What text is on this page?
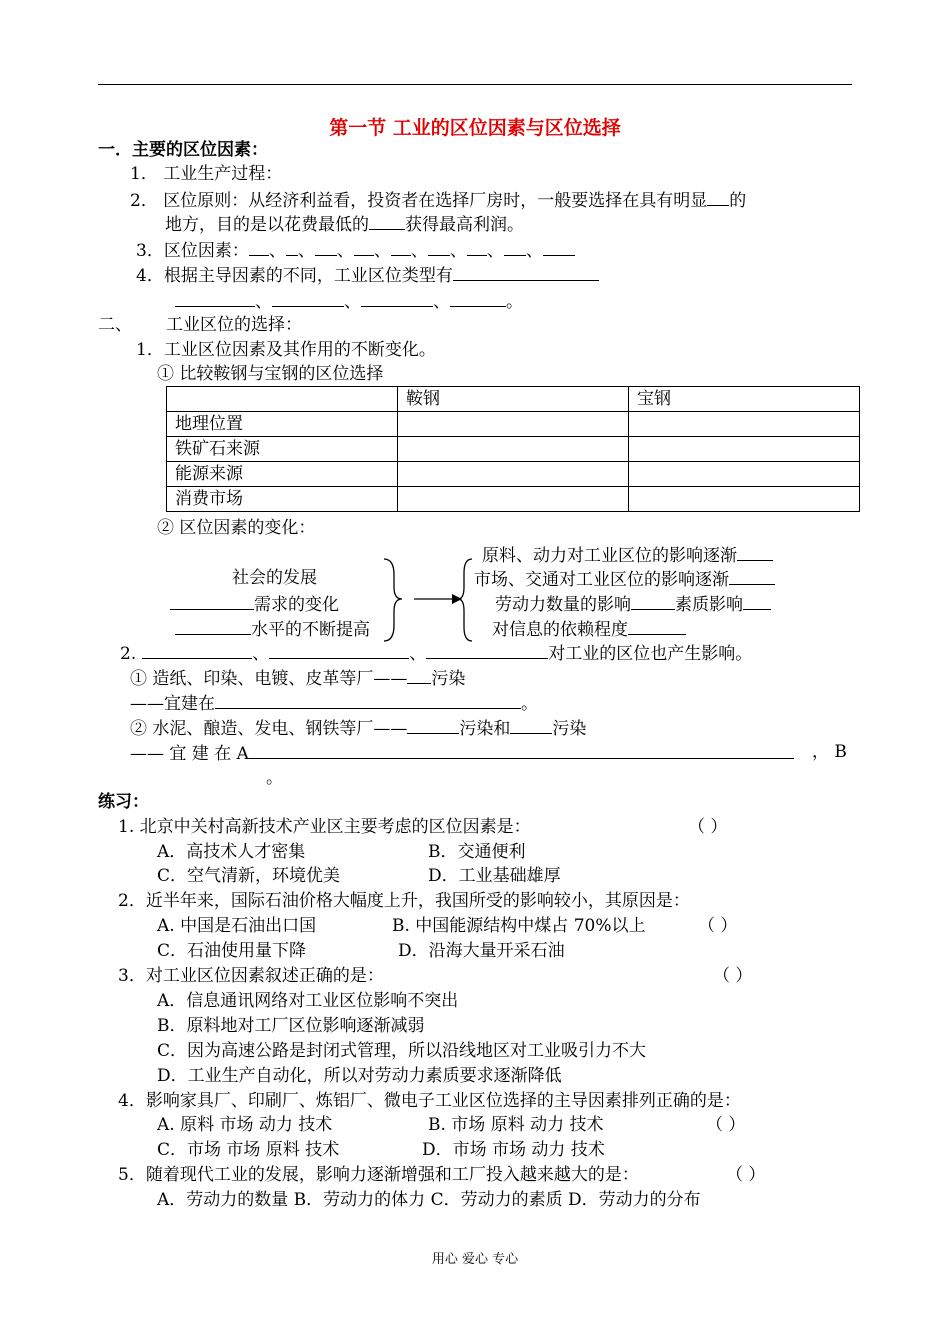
第一节 工业的区位因素与区位选择
一．主要的区位因素：
1． 工业生产过程：
2． 区位原则：从经济利益看，投资者在选择厂房时，一般要选择在具有明显 的
地方，目的是以花费最低的 获得最高利润。
3．区位因素： 、 、 、 、 、 、 、 、
4．根据主导因素的不同，工业区位类型有
、	、	、	。
二、 工业区位的选择：
1．工业区位因素及其作用的不断变化。
① 比较鞍钢与宝钢的区位选择
	鞍钢	宝钢
地理位置		
铁矿石来源		
能源来源		
消费市场		
② 区位因素的变化：
社会的发展
需求的变化
水平的不断提高
原料、动力对工业区位的影响逐渐
市场、交通对工业区位的影响逐渐
劳动力数量的影响	素质影响
对信息的依赖程度
2.	、	、	对工业的区位也产生影响。
① 造纸、印染、电镀、皮革等厂—— 污染
——宜建在	。
② 水泥、酿造、发电、钢铁等厂——	污染和 污染
—— 宜 建 在 A	， B
。
练习：
1. 北京中关村高新技术产业区主要考虑的区位因素是：	（ ）
A．高技术人才密集	B．交通便利
C．空气清新，环境优美	D．工业基础雄厚
2．近半年来，国际石油价格大幅度上升，我国所受的影响较小，其原因是：
A. 中国是石油出口国	B. 中国能源结构中煤占 70%以上	（ ）
C．石油使用量下降	D．沿海大量开采石油
3．对工业区位因素叙述正确的是：	（ ）
A．信息通讯网络对工业区位影响不突出
B．原料地对工厂区位影响逐渐减弱
C．因为高速公路是封闭式管理，所以沿线地区对工业吸引力不大
D．工业生产自动化，所以对劳动力素质要求逐渐降低
4．影响家具厂、印刷厂、炼铝厂、微电子工业区位选择的主导因素排列正确的是：
A. 原料 市场 动力 技术	B. 市场 原料 动力 技术	（ ）
C．市场 市场 原料 技术	D．市场 市场 动力 技术
5．随着现代工业的发展，影响力逐渐增强和工厂投入越来越大的是：	（ ）
A．劳动力的数量 B．劳动力的体力 C．劳动力的素质 D．劳动力的分布
用心 爱心 专心
